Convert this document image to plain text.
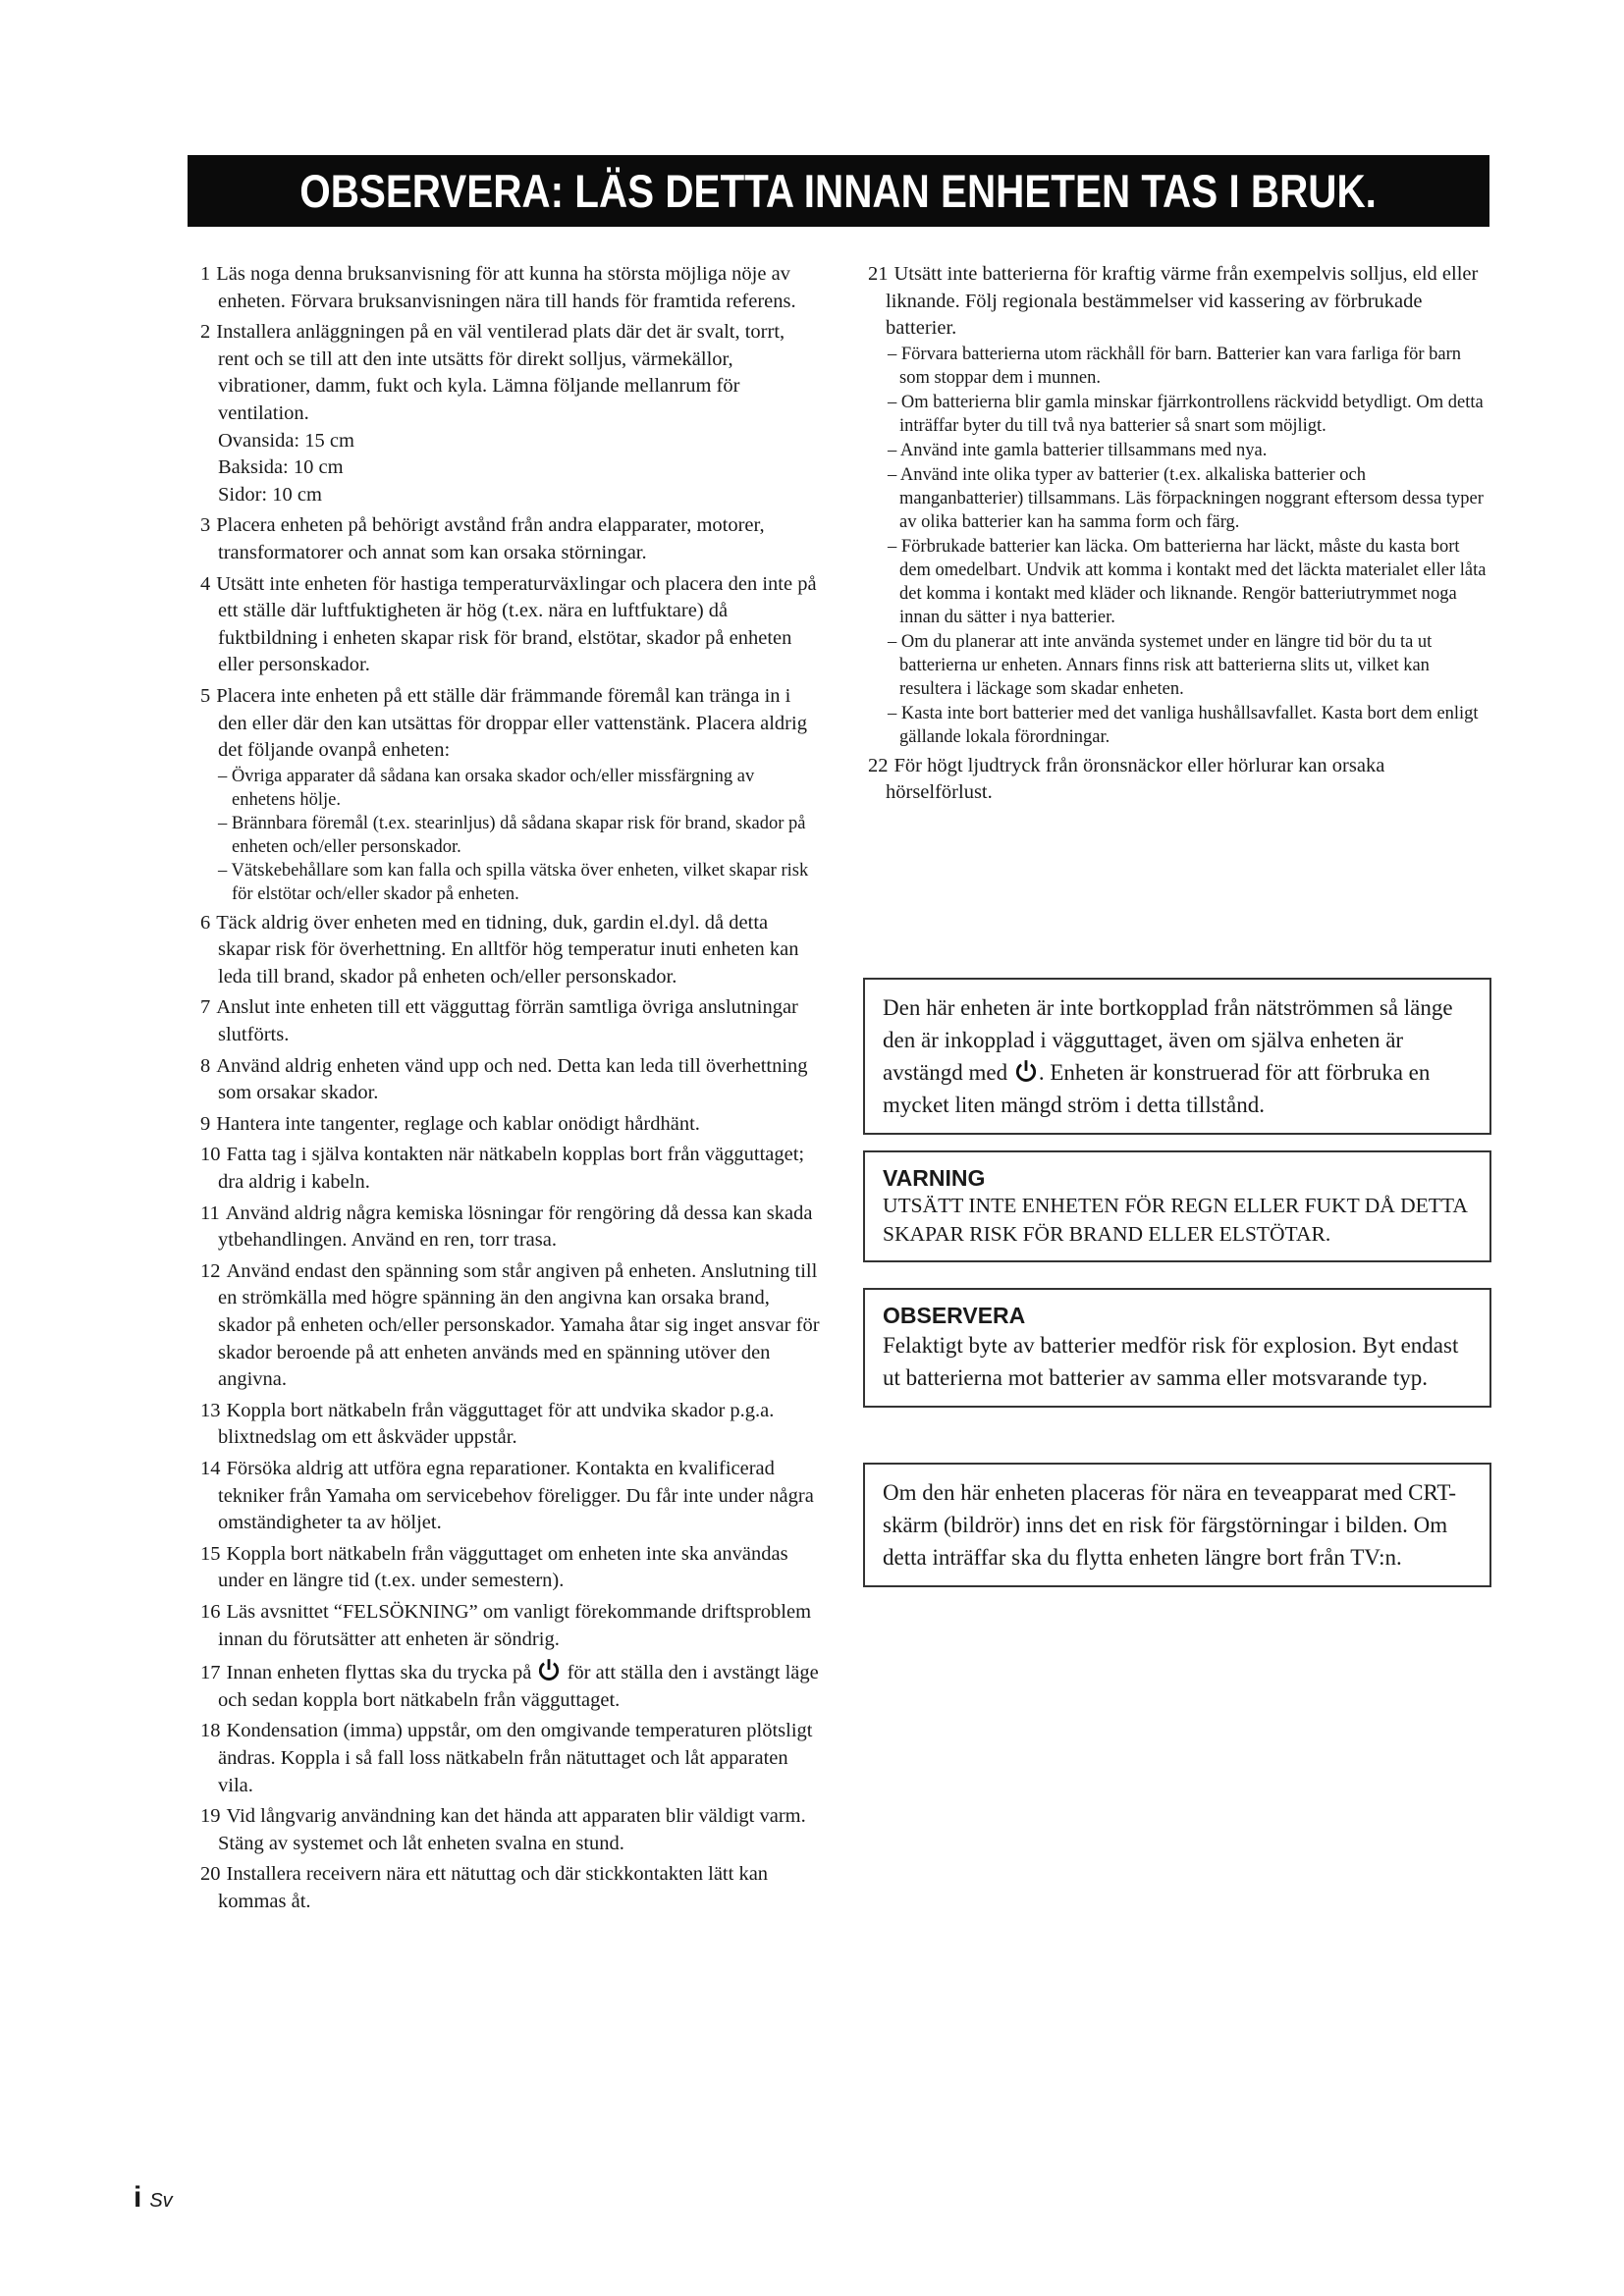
OBSERVERA: LÄS DETTA INNAN ENHETEN TAS I BRUK.

1 Läs noga denna bruksanvisning för att kunna ha största möjliga nöje av enheten. Förvara bruksanvisningen nära till hands för framtida referens.

2 Installera anläggningen på en väl ventilerad plats där det är svalt, torrt, rent och se till att den inte utsätts för direkt solljus, värmekällor, vibrationer, damm, fukt och kyla. Lämna följande mellanrum för ventilation.

Ovansida: 15 cm

Baksida: 10 cm

Sidor: 10 cm

3 Placera enheten på behörigt avstånd från andra elapparater, motorer, transformatorer och annat som kan orsaka störningar.

4 Utsätt inte enheten för hastiga temperaturväxlingar och placera den inte på ett ställe där luftfuktigheten är hög (t.ex. nära en luftfuktare) då fuktbildning i enheten skapar risk för brand, elstötar, skador på enheten eller personskador.

5 Placera inte enheten på ett ställe där främmande föremål kan tränga in i den eller där den kan utsättas för droppar eller vattenstänk. Placera aldrig det följande ovanpå enheten:

– Övriga apparater då sådana kan orsaka skador och/eller missfärgning av enhetens hölje.

– Brännbara föremål (t.ex. stearinljus) då sådana skapar risk för brand, skador på enheten och/eller personskador.

– Vätskebehållare som kan falla och spilla vätska över enheten, vilket skapar risk för elstötar och/eller skador på enheten.

6 Täck aldrig över enheten med en tidning, duk, gardin el.dyl. då detta skapar risk för överhettning. En alltför hög temperatur inuti enheten kan leda till brand, skador på enheten och/eller personskador.

7 Anslut inte enheten till ett vägguttag förrän samtliga övriga anslutningar slutförts.

8 Använd aldrig enheten vänd upp och ned. Detta kan leda till överhettning som orsakar skador.

9 Hantera inte tangenter, reglage och kablar onödigt hårdhänt.

10 Fatta tag i själva kontakten när nätkabeln kopplas bort från vägguttaget; dra aldrig i kabeln.

11 Använd aldrig några kemiska lösningar för rengöring då dessa kan skada ytbehandlingen. Använd en ren, torr trasa.

12 Använd endast den spänning som står angiven på enheten. Anslutning till en strömkälla med högre spänning än den angivna kan orsaka brand, skador på enheten och/eller personskador. Yamaha åtar sig inget ansvar för skador beroende på att enheten används med en spänning utöver den angivna.

13 Koppla bort nätkabeln från vägguttaget för att undvika skador p.g.a. blixtnedslag om ett åskväder uppstår.

14 Försöka aldrig att utföra egna reparationer. Kontakta en kvalificerad tekniker från Yamaha om servicebehov föreligger. Du får inte under några omständigheter ta av höljet.

15 Koppla bort nätkabeln från vägguttaget om enheten inte ska användas under en längre tid (t.ex. under semestern).

16 Läs avsnittet “FELSÖKNING” om vanligt förekommande driftsproblem innan du förutsätter att enheten är söndrig.

17 Innan enheten flyttas ska du trycka på
för att ställa den i avstängt läge och sedan koppla bort nätkabeln från vägguttaget.

18 Kondensation (imma) uppstår, om den omgivande temperaturen plötsligt ändras. Koppla i så fall loss nätkabeln från nätuttaget och låt apparaten vila.

19 Vid långvarig användning kan det hända att apparaten blir väldigt varm. Stäng av systemet och låt enheten svalna en stund.

20 Installera receivern nära ett nätuttag och där stickkontakten lätt kan kommas åt.

21 Utsätt inte batterierna för kraftig värme från exempelvis solljus, eld eller liknande. Följ regionala bestämmelser vid kassering av förbrukade batterier.

– Förvara batterierna utom räckhåll för barn. Batterier kan vara farliga för barn som stoppar dem i munnen.

– Om batterierna blir gamla minskar fjärrkontrollens räckvidd betydligt. Om detta inträffar byter du till två nya batterier så snart som möjligt.

– Använd inte gamla batterier tillsammans med nya.

– Använd inte olika typer av batterier (t.ex. alkaliska batterier och manganbatterier) tillsammans. Läs förpackningen noggrant eftersom dessa typer av olika batterier kan ha samma form och färg.

– Förbrukade batterier kan läcka. Om batterierna har läckt, måste du kasta bort dem omedelbart. Undvik att komma i kontakt med det läckta materialet eller låta det komma i kontakt med kläder och liknande. Rengör batteriutrymmet noga innan du sätter i nya batterier.

– Om du planerar att inte använda systemet under en längre tid bör du ta ut batterierna ur enheten. Annars finns risk att batterierna slits ut, vilket kan resultera i läckage som skadar enheten.

– Kasta inte bort batterier med det vanliga hushållsavfallet. Kasta bort dem enligt gällande lokala förordningar.

22 För högt ljudtryck från öronsnäckor eller hörlurar kan orsaka hörselförlust.

Den här enheten är inte bortkopplad från nätströmmen så länge den är inkopplad i vägguttaget, även om själva enheten är avstängd med
. Enheten är konstruerad för att förbruka en mycket liten mängd ström i detta tillstånd.

VARNING

UTSÄTT INTE ENHETEN FÖR REGN ELLER FUKT DÅ DETTA SKAPAR RISK FÖR BRAND ELLER ELSTÖTAR.

OBSERVERA

Felaktigt byte av batterier medför risk för explosion. Byt endast ut batterierna mot batterier av samma eller motsvarande typ.

Om den här enheten placeras för nära en teveapparat med CRT-skärm (bildrör) inns det en risk för färgstörningar i bilden. Om detta inträffar ska du flytta enheten längre bort från TV:n.

i Sv
